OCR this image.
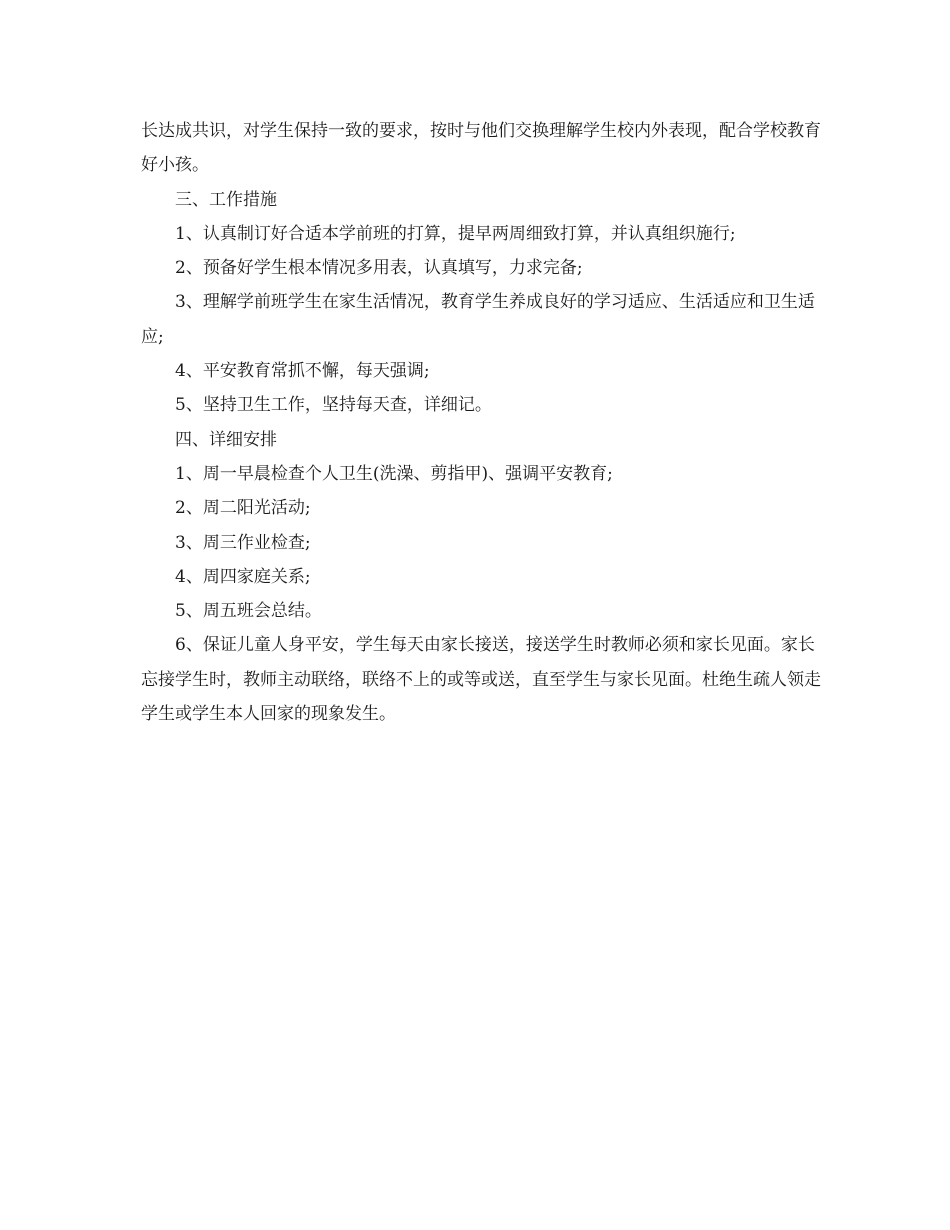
长达成共识，对学生保持一致的要求，按时与他们交换理解学生校内外表现，配合学校教育好小孩。

三、工作措施

1、认真制订好合适本学前班的打算，提早两周细致打算，并认真组织施行;

2、预备好学生根本情况多用表，认真填写，力求完备;

3、理解学前班学生在家生活情况，教育学生养成良好的学习适应、生活适应和卫生适应;

4、平安教育常抓不懈，每天强调;

5、坚持卫生工作，坚持每天查，详细记。

四、详细安排

1、周一早晨检查个人卫生(洗澡、剪指甲)、强调平安教育;

2、周二阳光活动;

3、周三作业检查;

4、周四家庭关系;

5、周五班会总结。

6、保证儿童人身平安，学生每天由家长接送，接送学生时教师必须和家长见面。家长忘接学生时，教师主动联络，联络不上的或等或送，直至学生与家长见面。杜绝生疏人领走学生或学生本人回家的现象发生。
